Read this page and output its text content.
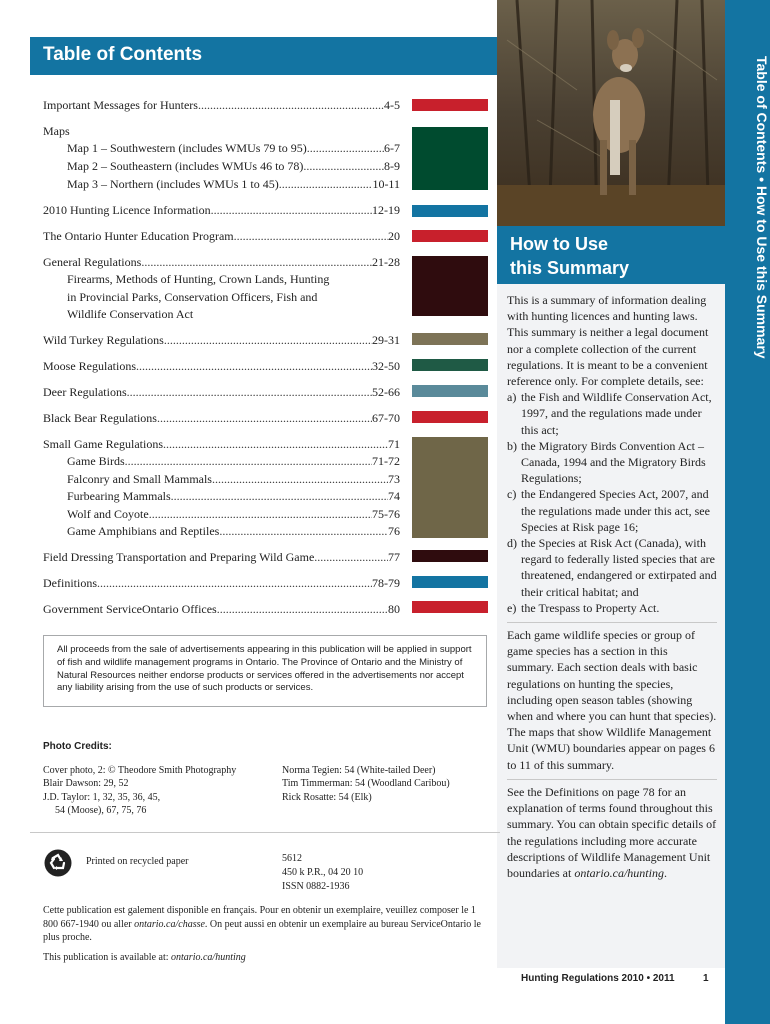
Table of Contents
How to Use
this Summary	Table of Contents • How to Use this Summary
Important Messages for Hunters .....	4-5
Maps
Map 1 – Southwestern (includes WMUs 79 to 95) .....	6-7
Map 2 – Southeastern (includes WMUs 46 to 78) .....	8-9
Map 3 – Northern (includes WMUs 1 to 45) .....	10-11
2010 Hunting Licence Information .....	12-19
The Ontario Hunter Education Program .....	20
General Regulations .....	21-28
Firearms, Methods of Hunting, Crown Lands, Hunting
in Provincial Parks, Conservation Officers, Fish and
Wildlife Conservation Act
Wild Turkey Regulations .....	29-31
Moose Regulations .....	32-50
Deer Regulations .....	52-66
Black Bear Regulations .....	67-70
Small Game Regulations .....	71
Game Birds .....	71-72
Falconry and Small Mammals .....	73
Furbearing Mammals .....	74
Wolf and Coyote .....	75-76
Game Amphibians and Reptiles .....	76
Field Dressing Transportation and Preparing Wild Game .....	77
Definitions .....	78-79
Government ServiceOntario Offices .....	80
All proceeds from the sale of advertisements appearing in this publication will be applied in support of fish and wildlife management programs in Ontario. The Province of Ontario and the Ministry of Natural Resources neither endorse products or services offered in the advertisements nor accept any liability arising from the use of such products or services.
Photo Credits:
Cover photo, 2: © Theodore Smith Photography
Blair Dawson: 29, 52
J.D. Taylor: 1, 32, 35, 36, 45,
54 (Moose), 67, 75, 76
Norma Tegien: 54 (White-tailed Deer)
Tim Timmerman: 54 (Woodland Caribou)
Rick Rosatte: 54 (Elk)
Printed on recycled paper	5612
450 k P.R., 04 20 10
ISSN 0882-1936
Cette publication est galement disponible en français. Pour en obtenir un exemplaire, veuillez composer le 1 800 667-1940 ou aller ontario.ca/chasse. On peut aussi en obtenir un exemplaire au bureau ServiceOntario le plus proche.
This publication is available at: ontario.ca/hunting

This is a summary of information dealing with hunting licences and hunting laws. This summary is neither a legal document nor a complete collection of the current regulations. It is meant to be a convenient reference only. For complete details, see:

a) the Fish and Wildlife Conservation Act, 1997, and the regulations made under this act;
b) the Migratory Birds Convention Act – Canada, 1994 and the Migratory Birds Regulations;
c) the Endangered Species Act, 2007, and the regulations made under this act, see Species at Risk page 16;
d) the Species at Risk Act (Canada), with regard to federally listed species that are threatened, endangered or extirpated and their critical habitat; and
e) the Trespass to Property Act.

Each game wildlife species or group of game species has a section in this summary. Each section deals with basic regulations on hunting the species, including open season tables (showing when and where you can hunt that species). The maps that show Wildlife Management Unit (WMU) boundaries appear on pages 6 to 11 of this summary.

See the Definitions on page 78 for an explanation of terms found throughout this summary. You can obtain specific details of the regulations including more accurate descriptions of Wildlife Management Unit boundaries at ontario.ca/hunting.

Hunting Regulations 2010 • 2011	1
